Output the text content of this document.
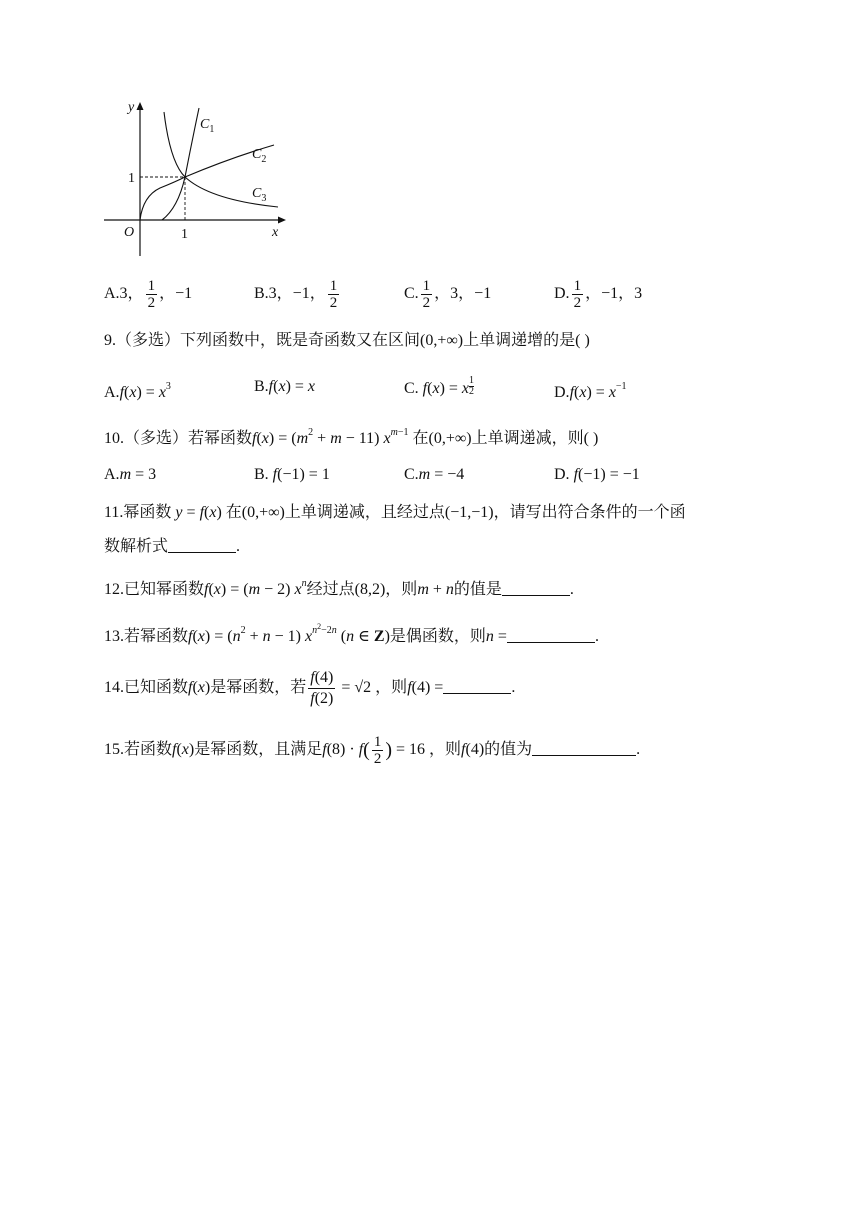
y
x
O	1
1
$C_1$
$C_2$
$C_3$
A.3， $\frac{1}{2}$ ，−1	B.3，−1， $\frac{1}{2}$	C. $\frac{1}{2}$ ，3，−1	D. $\frac{1}{2}$ ，−1，3
9.（多选）下列函数中，既是奇函数又在区间(0,+∞)上单调递增的是( )
$A.f(x) = x^3$	B.f(x) = x	C. f(x) = x $^{\frac{1}{2}}$	$D.f(x) = x^{-1}$
10.（多选）若幂函数$f(x) = (m^2 + m - 11)$ $x^{m-1}$ 在(0,+∞)上单调递减，则( )
A.m = 3	B. f(−1) = 1	C.m = −4	D. f(−1) = −1
11.幂函数 y = f(x) 在(0,+∞)上单调递减，且经过点(−1,−1)，请写出符合条件的一个函
数解析式	.
12.已知幂函数f(x) = (m − 2) $x^n$经过点(8,2)，则m + n的值是	.
13.若幂函数$f(x) = (n^2 + n - 1)$ $x^{n^2-2n}$ (n ∈ Z)是偶函数，则n =	.
14.已知函数f(x)是幂函数，若 $\frac{f(4)}{f(2)} = √2$ ，则f(4) =	.
15.若函数f(x)是幂函数，且满足$f(8) \cdot f( \frac{1}{2}$ ) = 16 ，则f(4)的值为	.
